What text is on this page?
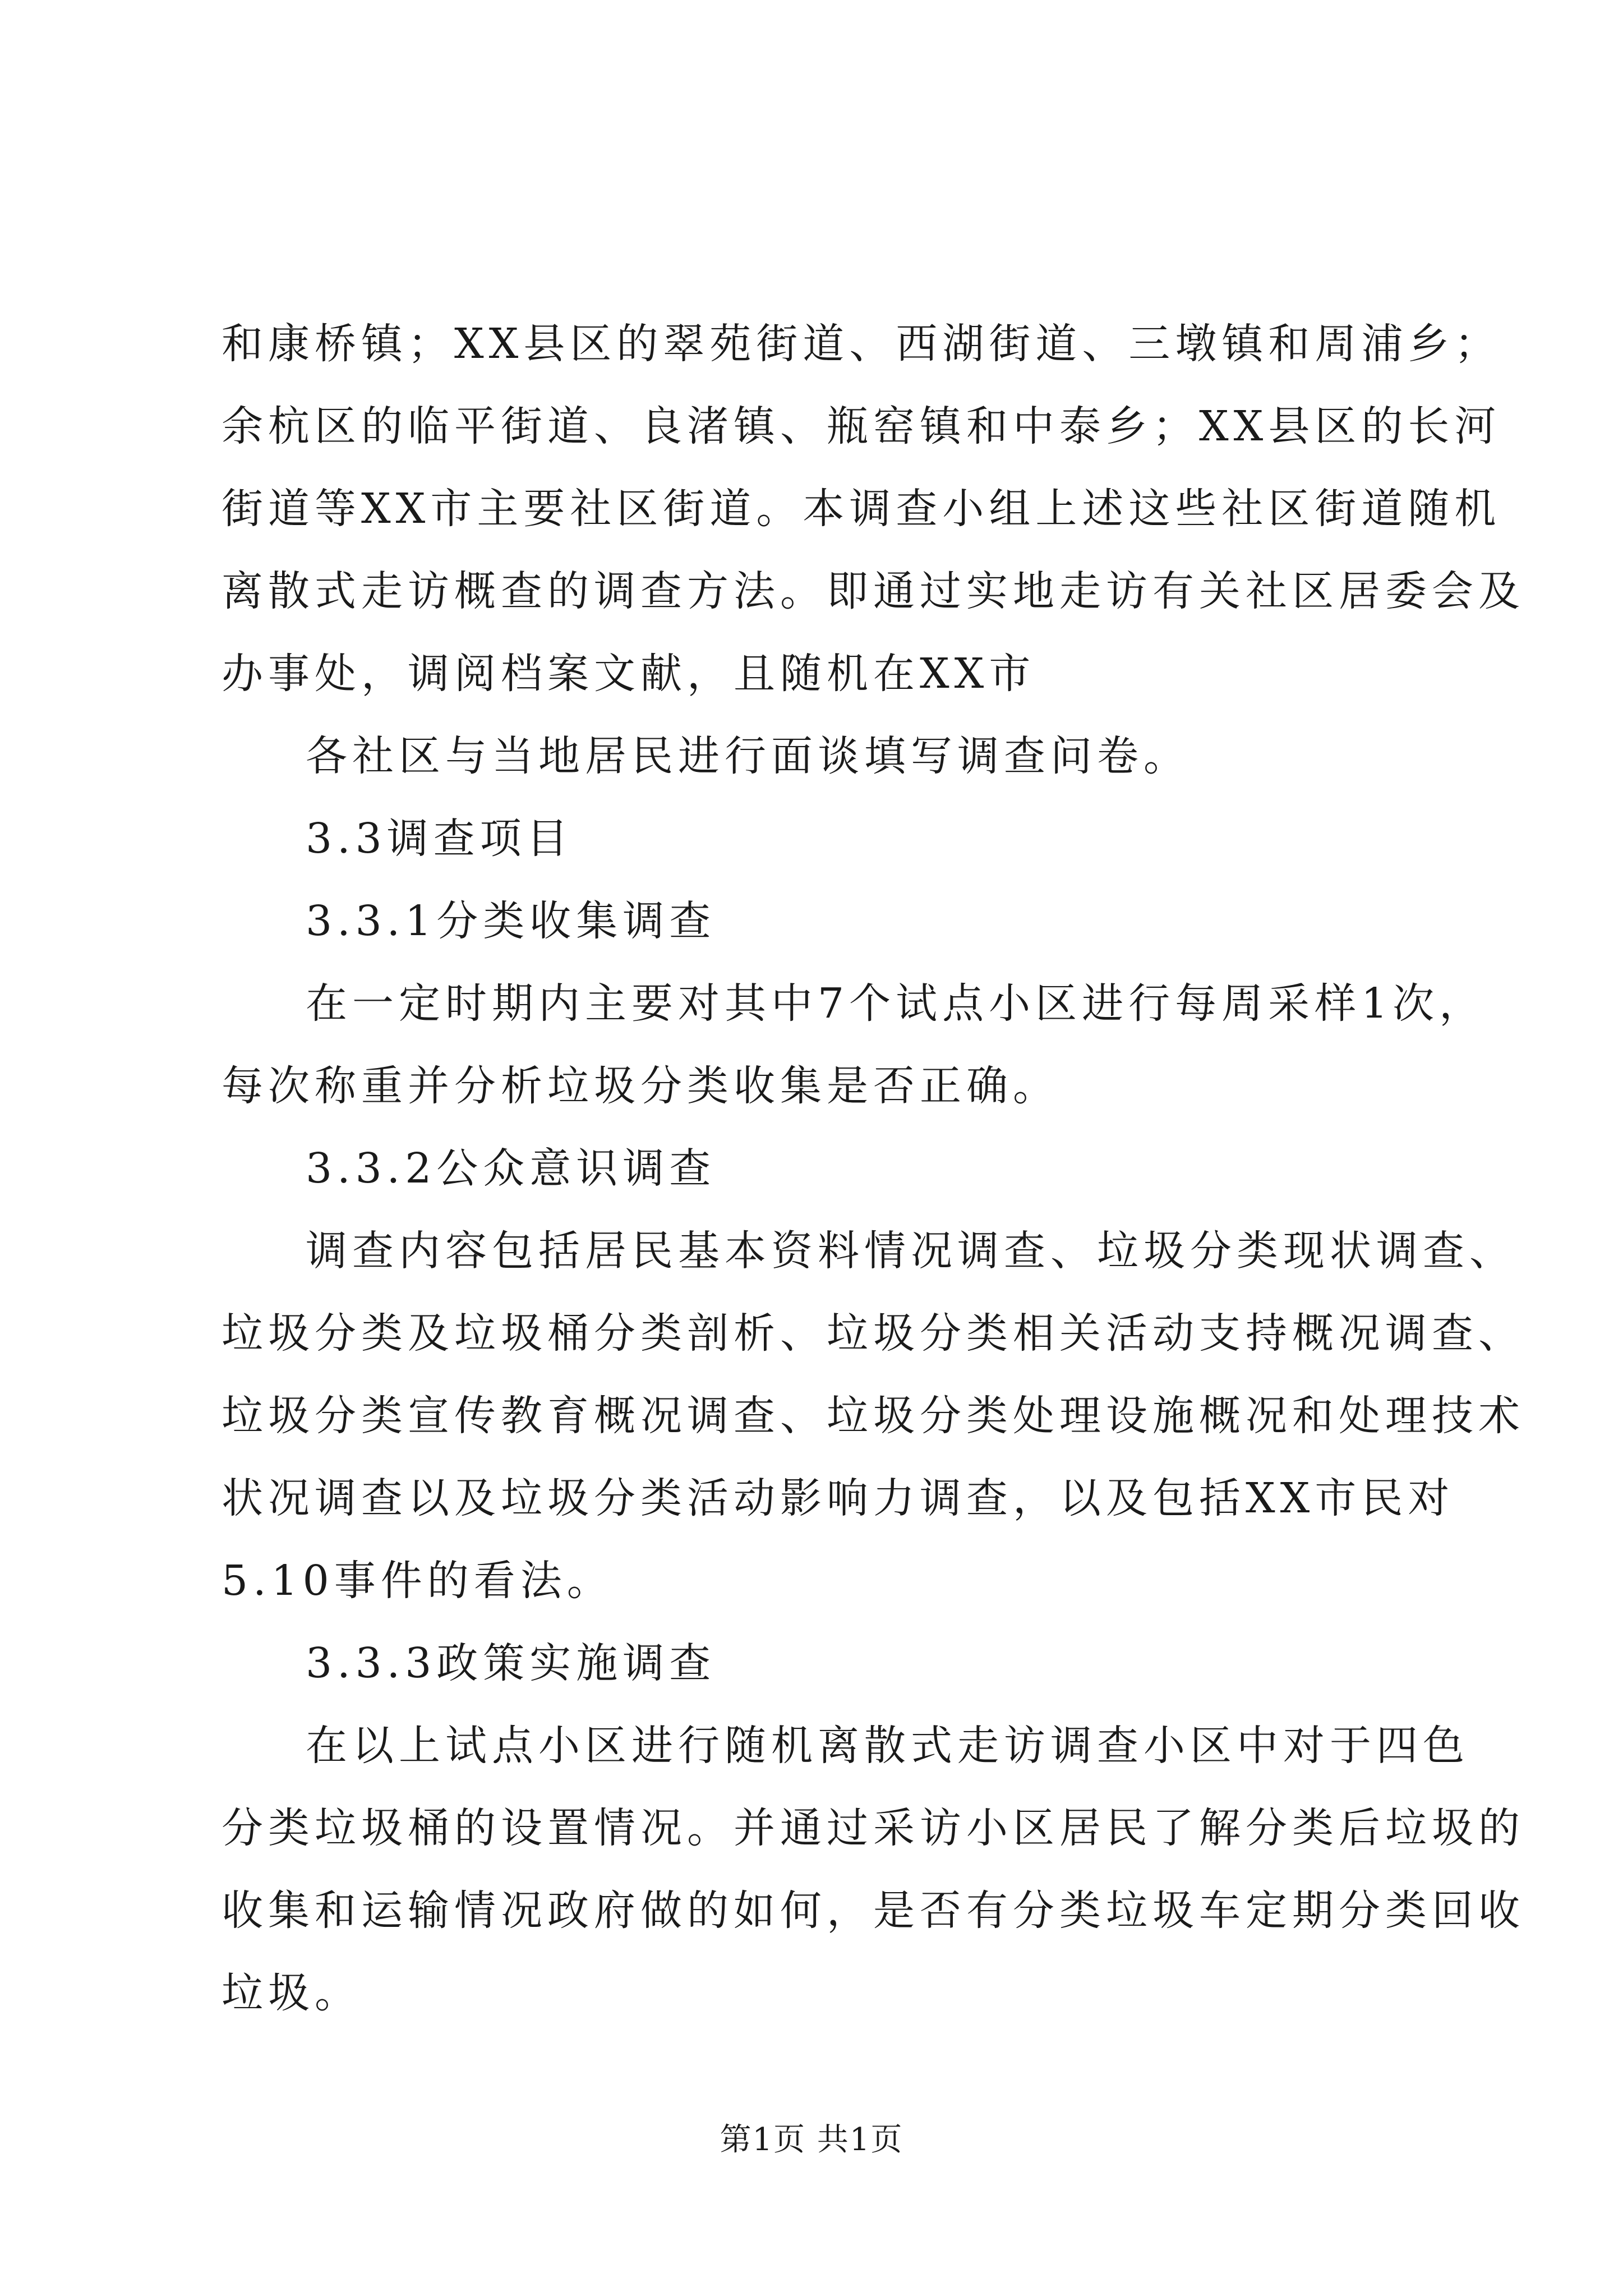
和康桥镇；XX县区的翠苑街道、西湖街道、三墩镇和周浦乡；
余杭区的临平街道、良渚镇、瓶窑镇和中泰乡；XX县区的长河
街道等XX市主要社区街道。本调查小组上述这些社区街道随机
离散式走访概查的调查方法。即通过实地走访有关社区居委会及
办事处，调阅档案文献，且随机在XX市
各社区与当地居民进行面谈填写调查问卷。
3.3调查项目
3.3.1分类收集调查
在一定时期内主要对其中7个试点小区进行每周采样1次，
每次称重并分析垃圾分类收集是否正确。
3.3.2公众意识调查
调查内容包括居民基本资料情况调查、垃圾分类现状调查、
垃圾分类及垃圾桶分类剖析、垃圾分类相关活动支持概况调查、
垃圾分类宣传教育概况调查、垃圾分类处理设施概况和处理技术
状况调查以及垃圾分类活动影响力调查，以及包括XX市民对
5.10事件的看法。
3.3.3政策实施调查
在以上试点小区进行随机离散式走访调查小区中对于四色
分类垃圾桶的设置情况。并通过采访小区居民了解分类后垃圾的
收集和运输情况政府做的如何，是否有分类垃圾车定期分类回收
垃圾。
第1页 共1页
